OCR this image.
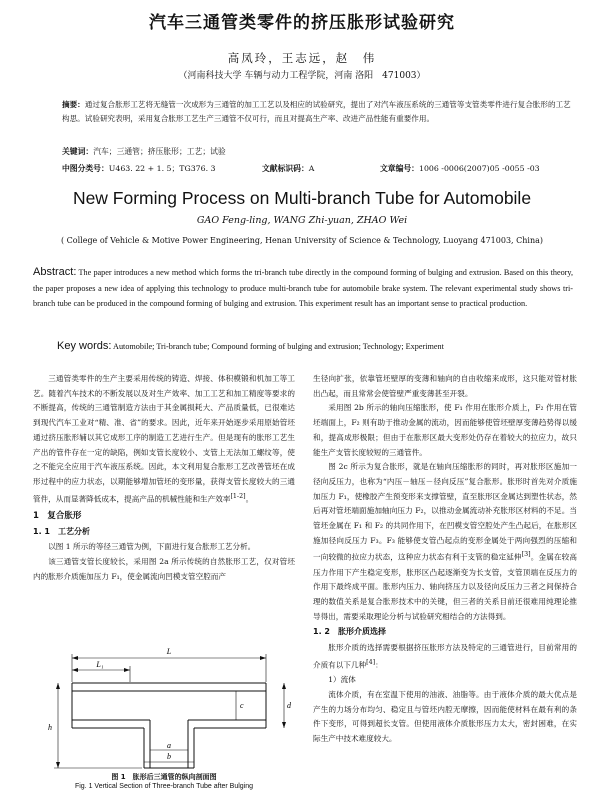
汽车三通管类零件的挤压胀形试验研究
高凤玲，王志远，赵　伟
（河南科技大学 车辆与动力工程学院，河南 洛阳　471003）
摘要：通过复合胀形工艺将无缝管一次成形为三通管的加工工艺以及相应的试验研究，提出了对汽车液压系统的三通管等支管类零件进行复合胀形的工艺构思。试验研究表明，采用复合胀形工艺生产三通管不仅可行，而且对提高生产率、改进产品性能有重要作用。
关键词：汽车；三通管；挤压胀形；工艺；试验
中图分类号：U463. 22 + 1. 5；TG376. 3	文献标识码：A	文章编号：1006 -0006(2007)05 -0055 -03
New Forming Process on Multi-branch Tube for Automobile
GAO Feng-ling, WANG Zhi-yuan, ZHAO Wei
( College of Vehicle & Motive Power Engineering, Henan University of Science & Technology, Luoyang 471003, China)
Abstract: The paper introduces a new method which forms the tri-branch tube directly in the compound forming of bulging and extrusion. Based on this theory, the paper proposes a new idea of applying this technology to produce multi-branch tube for automobile brake system. The relevant experimental study shows tri-branch tube can be produced in the compound forming of bulging and extrusion. This experiment result has an important sense to practical production.
Key words: Automobile; Tri-branch tube; Compound forming of bulging and extrusion; Technology; Experiment

三通管类零件的生产主要采用传统的铸造、焊接、体积模锻和机加工等工艺。随着汽车技术的不断发展以及对生产效率、加工工艺和加工精度等要求的不断提高，传统的三通管制造方法由于其金属损耗大、产品质量低，已很难达到现代汽车工业对“精、准、省”的要求。因此，近年来开始逐步采用原始管坯通过挤压胀形辅以其它成形工序的制造工艺进行生产。但是现有的胀形工艺生产出的管件存在一定的缺陷，例如支管长度较小、支管上无法加工螺纹等，使之不能完全应用于汽车液压系统。因此，本文利用复合胀形工艺改善管坯在成形过程中的应力状态，以期能够增加管坯的变形量，获得支管长度较大的三通管件，从而显著降低成本，提高产品的机械性能和生产效率[1-2]。

1　复合胀形
1. 1　工艺分析

以图 1 所示的等径三通管为例，下面进行复合胀形工艺分析。

该三通管支管长度较长，采用图 2a 所示传统的自然胀形工艺，仅对管坯内的胀形介质施加压力 F₁，使金属流向凹模支管空腔而产

L
L₁
c	d
h
a
b
图 1　胀形后三通管的纵向剖面图
Fig. 1 Vertical Section of Three-branch Tube after Bulging

生径向扩张，依靠管坯壁厚的变薄和轴向的自由收缩来成形，这只能对管材胀出凸起，而且常常会使管壁严重变薄甚至开裂。

采用图 2b 所示的轴向压缩胀形，使 F₁ 作用在胀形介质上，F₂ 作用在管坯端面上，F₂ 则有助于推动金属的流动，因而能够使管坯壁厚变薄趋势得以缓和，提高成形极限；但由于在胀形区最大变形处仍存在着较大的拉应力，故只能生产支管长度较短的三通管件。

图 2c 所示为复合胀形，就是在轴向压缩胀形的同时，再对胀形区施加一径向反压力，也称为“内压－轴压－径向反压”复合胀形。胀形时首先对介质施加压力 F₁，使橡胶产生预变形来支撑管壁，直至胀形区金属达到塑性状态，然后再对管坯端面施加轴向压力 F₂，以推动金属流动补充胀形区材料的不足。当管坯金属在 F₁ 和 F₂ 的共同作用下，在凹模支管空腔处产生凸起后，在胀形区施加径向反压力 F₃。F₃ 能够使支管凸起点的变形金属处于两向强烈的压缩和一向较微的拉应力状态，这种应力状态有利于支管的稳定延伸[3]。金属在较高压力作用下产生稳定变形，胀形区凸起逐渐变为长支管，支管顶端在反压力的作用下最终成平面。胀形内压力、轴向挤压力以及径向反压力三者之间保持合理的数值关系是复合胀形技术中的关键，但三者的关系目前还很难用纯理论推导得出，需要采取理论分析与试验研究相结合的方法得到。

1. 2　胀形介质选择

胀形介质的选择需要根据挤压胀形方法及特定的三通管进行，目前常用的介质有以下几种[4]：

1）流体

流体介质，有在室温下使用的油液、油脂等。由于液体介质的最大优点是产生的力场分布均匀、稳定且与管坯内腔无摩擦，因而能使材料在最有利的条件下变形，可得到超长支管。但使用液体介质胀形压力太大，密封困难，在实际生产中技术难度较大。
